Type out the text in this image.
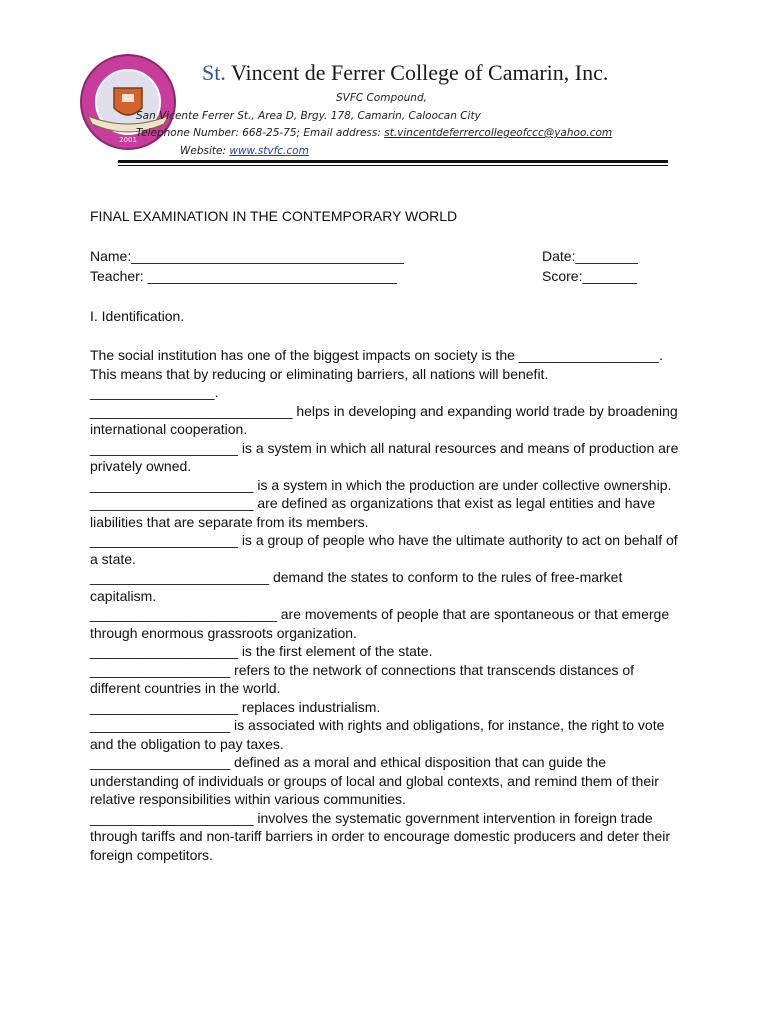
2001
St. Vincent de Ferrer College of Camarin, Inc.
SVFC Compound,
San Vicente Ferrer St., Area D, Brgy. 178, Camarin, Caloocan City
Telephone Number: 668-25-75; Email address: st.vincentdeferrercollegeofccc@yahoo.com
Website: www.stvfc.com
FINAL EXAMINATION IN THE CONTEMPORARY WORLD
Name:___________________________________	Date:________
Teacher: ________________________________	Score:_______
I. Identification.

The social institution has one of the biggest impacts on society is the __________________.

This means that by reducing or eliminating barriers, all nations will benefit. ________________.

__________________________ helps in developing and expanding world trade by broadening international cooperation.

___________________ is a system in which all natural resources and means of production are privately owned.

_____________________ is a system in which the production are under collective ownership.

_____________________ are defined as organizations that exist as legal entities and have liabilities that are separate from its members.

___________________ is a group of people who have the ultimate authority to act on behalf of a state.

_______________________ demand the states to conform to the rules of free-market capitalism.

________________________ are movements of people that are spontaneous or that emerge through enormous grassroots organization.

___________________ is the first element of the state.

__________________ refers to the network of connections that transcends distances of different countries in the world.

___________________ replaces industrialism.

__________________ is associated with rights and obligations, for instance, the right to vote and the obligation to pay taxes.

__________________ defined as a moral and ethical disposition that can guide the understanding of individuals or groups of local and global contexts, and remind them of their relative responsibilities within various communities.

_____________________ involves the systematic government intervention in foreign trade through tariffs and non-tariff barriers in order to encourage domestic producers and deter their foreign competitors.
